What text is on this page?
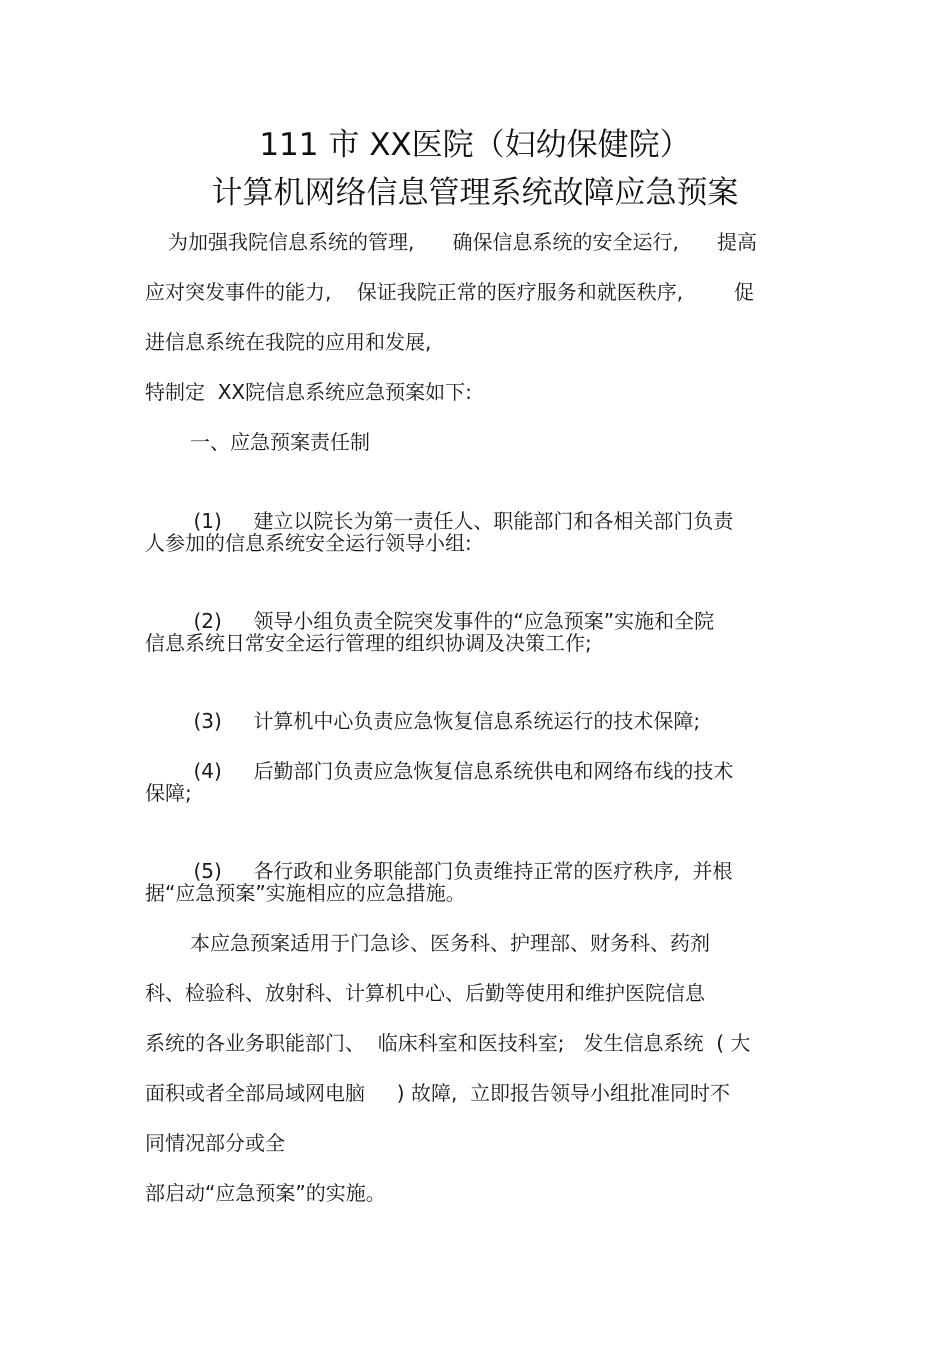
111 市 XX医院（妇幼保健院）
计算机网络信息管理系统故障应急预案
为加强我院信息系统的管理,      确保信息系统的安全运行,      提高
应对突发事件的能力,    保证我院正常的医疗服务和就医秩序,        促
进信息系统在我院的应用和发展,
特制定  XX院信息系统应急预案如下:
一、应急预案责任制

(1) 建立以院长为第一责任人、职能部门和各相关部门负责

人参加的信息系统安全运行领导小组:

(2) 领导小组负责全院突发事件的“应急预案”实施和全院

信息系统日常安全运行管理的组织协调及决策工作;

(3) 计算机中心负责应急恢复信息系统运行的技术保障;

(4) 后勤部门负责应急恢复信息系统供电和网络布线的技术

保障;

(5) 各行政和业务职能部门负责维持正常的医疗秩序,  并根

据“应急预案”实施相应的应急措施。
本应急预案适用于门急诊、医务科、护理部、财务科、药剂
科、检验科、放射科、计算机中心、后勤等使用和维护医院信息
系统的各业务职能部门、  临床科室和医技科室;   发生信息系统  ( 大
面积或者全部局域网电脑     ) 故障,  立即报告领导小组批准同时不
同情况部分或全
部启动“应急预案”的实施。
